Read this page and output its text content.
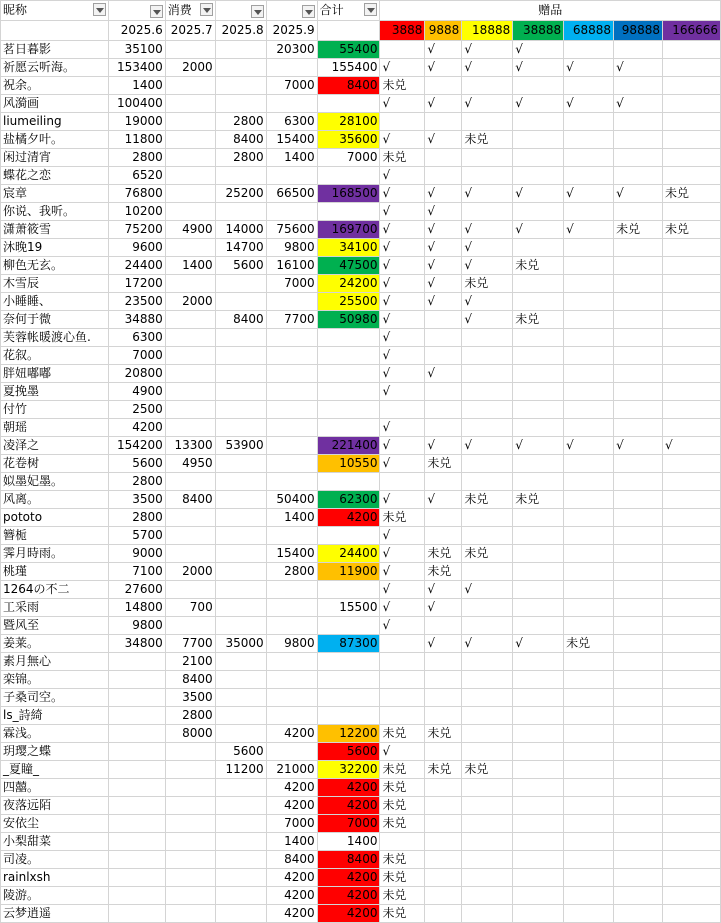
昵称		消费			合计	赠品						
	2025.6	2025.7	2025.8	2025.9		3888	9888	18888	38888	68888	98888	166666
茗日暮影	35100			20300	55400		√	√	√			
祈愿云听海。	153400	2000			155400	√	√	√	√	√	√	
祝余。	1400			7000	8400	未兑						
风漪画	100400					√	√	√	√	√	√	
liumeiling	19000		2800	6300	28100							
盐橘夕叶。	11800		8400	15400	35600	√	√	未兑				
闲过清宵	2800		2800	1400	7000	未兑						
蝶花之恋	6520					√						
宸章	76800		25200	66500	168500	√	√	√	√	√	√	未兑
你说、我听。	10200					√	√					
潇萧筱雪	75200	4900	14000	75600	169700	√	√	√	√	√	未兑	未兑
沐晚19	9600		14700	9800	34100	√	√	√				
柳色无玄。	24400	1400	5600	16100	47500	√	√	√	未兑			
木雪辰	17200			7000	24200	√	√	未兑				
小睡睡、	23500	2000			25500	√	√	√				
奈何于微	34880		8400	7700	50980	√		√	未兑			
芙蓉帐暖渡心鱼.	6300					√						
花叙。	7000					√						
胖妞嘟嘟	20800					√	√					
夏挽墨	4900					√						
付竹	2500											
朝瑶	4200					√						
凌泽之	154200	13300	53900		221400	√	√	√	√	√	√	√
花卷树	5600	4950			10550	√	未兑					
姒墨妃墨。	2800											
风离。	3500	8400		50400	62300	√	√	未兑	未兑			
pototo	2800			1400	4200	未兑						
簪栀	5700					√						
霁月時雨。	9000			15400	24400	√	未兑	未兑				
桃瑾	7100	2000		2800	11900	√	未兑					
1264の不二	27600					√	√	√				
工采雨	14800	700			15500	√	√					
暨风至	9800					√						
姜莱。	34800	7700	35000	9800	87300		√	√	√	未兑		
素月無心		2100										
栾锦。		8400										
子桑司空。		3500										
ls_詩綺		2800										
霖浅。		8000		4200	12200	未兑	未兑					
玥璎之蝶			5600		5600	√						
_夏瞳_			11200	21000	32200	未兑	未兑	未兑				
四囍。				4200	4200	未兑						
夜落远陌				4200	4200	未兑						
安依尘				7000	7000	未兑						
小梨甜菜				1400	1400							
司凌。				8400	8400	未兑						
rainlxsh				4200	4200	未兑						
陵游。				4200	4200	未兑						
云梦逍遥				4200	4200	未兑						
